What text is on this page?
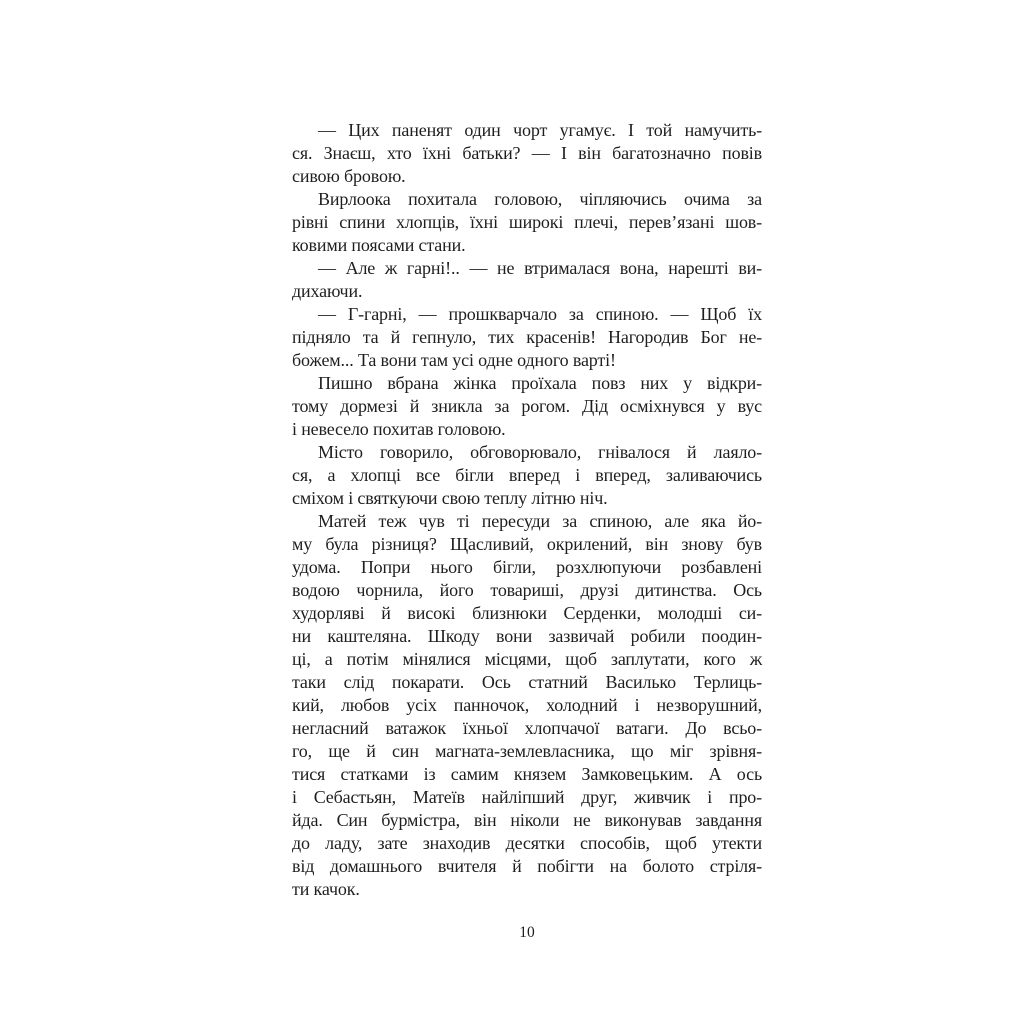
— Цих паненят один чорт угамує. І той намучить-
ся. Знаєш, хто їхні батьки? — І він багатозначно повів
сивою бровою.
Вирлоока похитала головою, чіпляючись очима за
рівні спини хлопців, їхні широкі плечі, перев’язані шов-
ковими поясами стани.
— Але ж гарні!.. — не втрималася вона, нарешті ви-
дихаючи.
— Г-гарні, — прошкварчало за спиною. — Щоб їх
підняло та й гепнуло, тих красенів! Нагородив Бог не-
божем... Та вони там усі одне одного варті!
Пишно вбрана жінка проїхала повз них у відкри-
тому дормезі й зникла за рогом. Дід осміхнувся у вус
і невесело похитав головою.
Місто говорило, обговорювало, гнівалося й лаяло-
ся, а хлопці все бігли вперед і вперед, заливаючись
сміхом і святкуючи свою теплу літню ніч.
Матей теж чув ті пересуди за спиною, але яка йо-
му була різниця? Щасливий, окрилений, він знову був
удома. Попри нього бігли, розхлюпуючи розбавлені
водою чорнила, його товариші, друзі дитинства. Ось
худорляві й високі близнюки Серденки, молодші си-
ни каштеляна. Шкоду вони зазвичай робили поодин-
ці, а потім мінялися місцями, щоб заплутати, кого ж
таки слід покарати. Ось статний Василько Терлиць-
кий, любов усіх панночок, холодний і незворушний,
негласний ватажок їхньої хлопчачої ватаги. До всьо-
го, ще й син магната-землевласника, що міг зрівня-
тися статками із самим князем Замковецьким. А ось
і Себастьян, Матеїв найліпший друг, живчик і про-
йда. Син бурмістра, він ніколи не виконував завдання
до ладу, зате знаходив десятки способів, щоб утекти
від домашнього вчителя й побігти на болото стріля-
ти качок.
10
